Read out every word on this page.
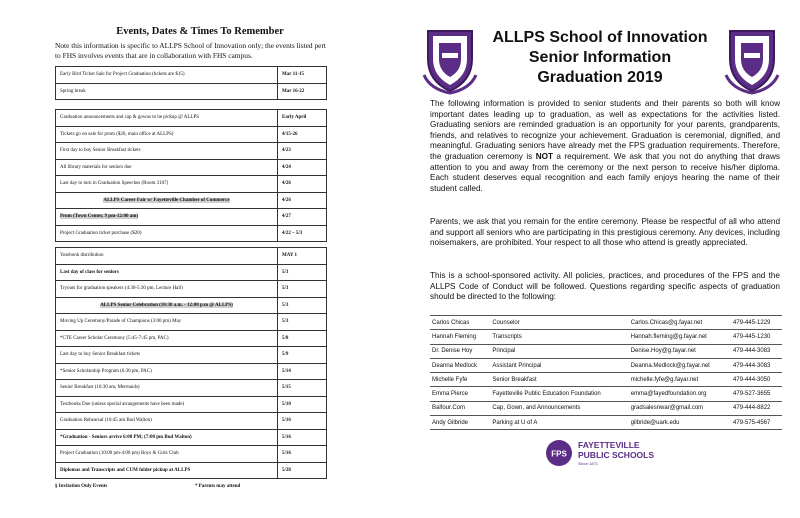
Events, Dates & Times To Remember
Note this information is specific to ALLPS School of Innovation only; the events listed pert
to FHS involves events that are in collaboration with FHS campus.
Early Bird Ticket Sale for Project Graduation (tickets are $15)	Mar 11-15
Spring break	Mar 16-22
Graduation announcements and cap & gowns to be pickup @ ALLPS	Early April
Tickets go on sale for prom ($20, main office at ALLPS)	4/15-26
First day to buy Senior Breakfast tickets	4/23
All library materials for seniors due	4/24
Last day to turn in Graduation Speeches (Room 3107)	4/26
ALLPS Career Fair w/ Fayetteville Chamber of Commerce	4/26
Prom (Town Center, 9 pm-12:00 am)	4/27
Project Graduation ticket purchase ($20)	4/22 – 5/3
Yearbook distribution	MAY 1
Last day of class for seniors	5/3
Tryouts for graduation speakers (4:30-5:30 pm, Lecture Hall)	5/3
ALLPS Senior Celebration (10:30 a.m. - 12:00 p.m @ ALLPS)	5/3
Moving Up Ceremony/Parade of Champions (3:00 pm) May	5/3
*CTE Career Scholar Ceremony (5:45-7:45 pm, PAC)	5/8
Last day to buy Senior Breakfast tickets	5/9
*Senior Scholarship Program (6:30 pm, PAC)	5/14
Senior Breakfast (10:30 am, Mermaids)	5/15
Textbooks Due (unless special arrangements have been made)	5/10
Graduation Rehearsal (10:45 am Bud Walton)	5/16
*Graduation - Seniors arrive 6:00 PM; (7:00 pm Bud Walton)	5/16
Project Graduation (10:00 pm-4:00 pm) Boys & Girls Club	5/16
Diplomas and Transcripts and CUM folder pickup at ALLPS	5/28
§ Invitation Only Events	* Parents may attend
ALLPS School of Innovation
Senior Information
Graduation 2019
The following information is provided to senior students and their parents so both will know important dates leading up to graduation, as well as expectations for the activities listed. Graduating seniors are reminded graduation is an opportunity for your parents, grandparents, friends, and relatives to recognize your achievement. Graduation is ceremonial, dignified, and meaningful. Graduating seniors have already met the FPS graduation requirements. Therefore, the graduation ceremony is NOT a requirement. We ask that you not do anything that draws attention to you and away from the ceremony or the next person to receive his/her diploma. Each student deserves equal recognition and each family enjoys hearing the name of their student called.
Parents, we ask that you remain for the entire ceremony. Please be respectful of all who attend and support all seniors who are participating in this prestigious ceremony. Any devices, including noisemakers, are prohibited. Your respect to all those who attend is greatly appreciated.
This is a school-sponsored activity. All policies, practices, and procedures of the FPS and the ALLPS Code of Conduct will be followed. Questions regarding specific aspects of graduation should be directed to the following:
Carlos Chicas	Counselor	Carlos.Chicas@g.fayar.net	479-445-1229
Hannah Fleming	Transcripts	Hannah.fleming@g.fayar.net	479-445-1230
Dr. Denise Hoy	Principal	Denise.Hoy@g.fayar.net	479-444-3083
Deanna Medlock	Assistant Principal	Deanna.Medlock@g.fayar.net	479-444-3083
Michelle Fyfe	Senior Breakfast	michelle.fyfe@g.fayar.net	479-444-3050
Emma Pierce	Fayetteville Public Education Foundation	emma@fayedfoundation.org	479-527-3655
Balfour.Com	Cap, Gown, and Announcements	gradsalesnwar@gmail.com	479-444-8822
Andy Gilbride	Parking at U of A	gilbride@uark.edu	479-575-4567
FPS
FAYETTEVILLE
PUBLIC SCHOOLS
Since 1871
